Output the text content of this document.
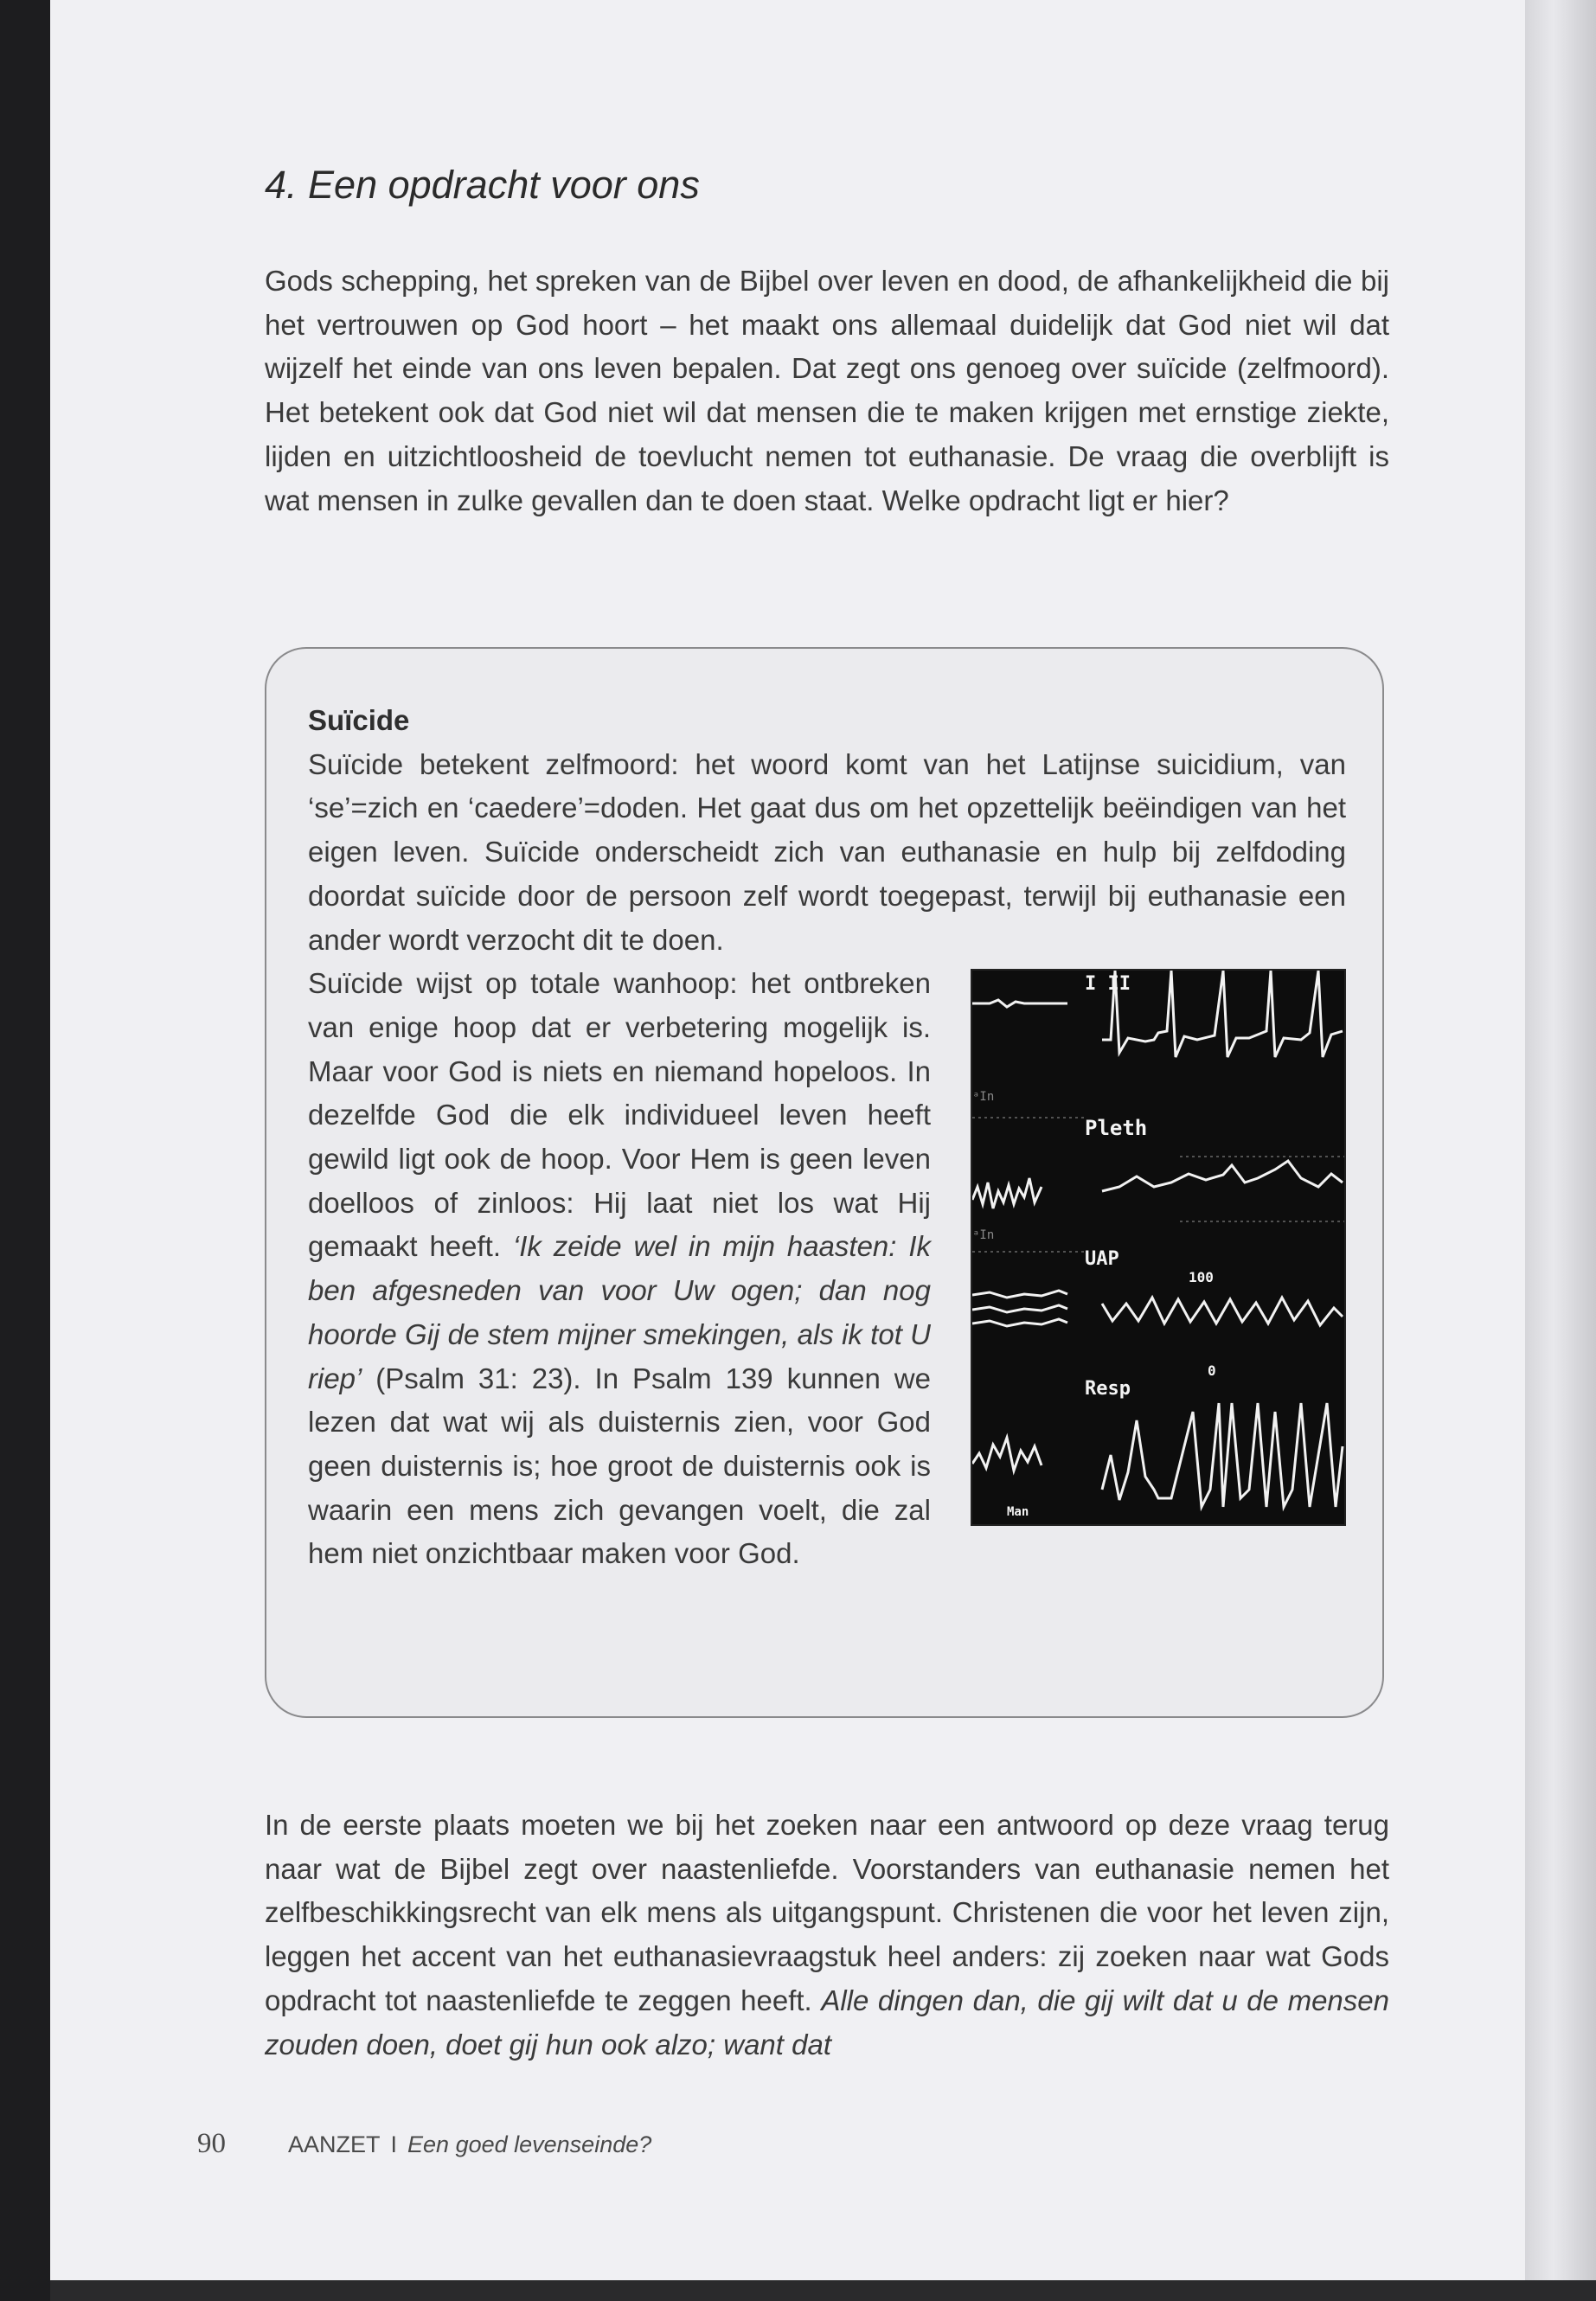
4. Een opdracht voor ons

Gods schepping, het spreken van de Bijbel over leven en dood, de afhankelijkheid die bij het vertrouwen op God hoort – het maakt ons allemaal duidelijk dat God niet wil dat wijzelf het einde van ons leven bepalen. Dat zegt ons genoeg over suïcide (zelfmoord). Het betekent ook dat God niet wil dat mensen die te maken krijgen met ernstige ziekte, lijden en uitzichtloosheid de toevlucht nemen tot euthanasie. De vraag die overblijft is wat mensen in zulke gevallen dan te doen staat. Welke opdracht ligt er hier?

Suïcide

Suïcide betekent zelfmoord: het woord komt van het Latijnse suicidium, van ‘se’=zich en ‘caedere’=doden. Het gaat dus om het opzettelijk beëindigen van het eigen leven. Suïcide onderscheidt zich van euthanasie en hulp bij zelfdoding doordat suïcide door de persoon zelf wordt toegepast, terwijl bij euthanasie een ander wordt verzocht dit te doen.
I II
Pleth
UAP
100
Resp
0
Man
ᵃIn
ᵃIn

Suïcide wijst op totale wanhoop: het ontbreken van enige hoop dat er verbetering mogelijk is. Maar voor God is niets en niemand hopeloos. In dezelfde God die elk individueel leven heeft gewild ligt ook de hoop. Voor Hem is geen leven doelloos of zinloos: Hij laat niet los wat Hij gemaakt heeft. ‘Ik zeide wel in mijn haasten: Ik ben afgesneden van voor Uw ogen; dan nog hoorde Gij de stem mijner smekingen, als ik tot U riep’ (Psalm 31: 23). In Psalm 139 kunnen we lezen dat wat wij als duisternis zien, voor God geen duisternis is; hoe groot de duisternis ook is waarin een mens zich gevangen voelt, die zal hem niet onzichtbaar maken voor God.

In de eerste plaats moeten we bij het zoeken naar een antwoord op deze vraag terug naar wat de Bijbel zegt over naastenliefde. Voorstanders van euthanasie nemen het zelfbeschikkingsrecht van elk mens als uitgangspunt. Christenen die voor het leven zijn, leggen het accent van het euthanasievraagstuk heel anders: zij zoeken naar wat Gods opdracht tot naastenliefde te zeggen heeft. Alle dingen dan, die gij wilt dat u de mensen zouden doen, doet gij hun ook alzo; want dat

90	AANZET I Een goed levenseinde?
